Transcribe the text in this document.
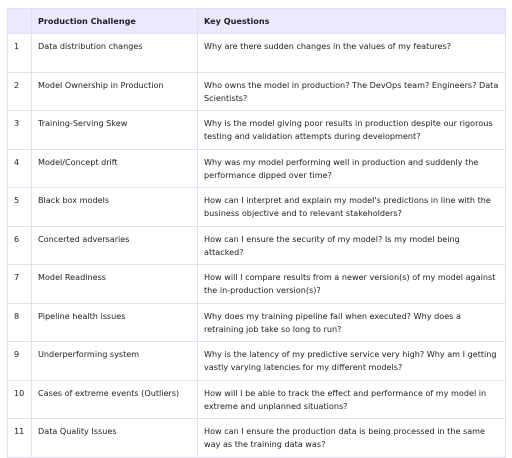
	Production Challenge	Key Questions
1	Data distribution changes	Why are there sudden changes in the values of my features?
2	Model Ownership in Production	Who owns the model in production? The DevOps team? Engineers? Data Scientists?
3	Training-Serving Skew	Why is the model giving poor results in production despite our rigorous testing and validation attempts during development?
4	Model/Concept drift	Why was my model performing well in production and suddenly the performance dipped over time?
5	Black box models	How can I interpret and explain my model's predictions in line with the business objective and to relevant stakeholders?
6	Concerted adversaries	How can I ensure the security of my model? Is my model being attacked?
7	Model Readiness	How will I compare results from a newer version(s) of my model against the in-production version(s)?
8	Pipeline health issues	Why does my training pipeline fail when executed? Why does a retraining job take so long to run?
9	Underperforming system	Why is the latency of my predictive service very high? Why am I getting vastly varying latencies for my different models?
10	Cases of extreme events (Outliers)	How will I be able to track the effect and performance of my model in extreme and unplanned situations?
11	Data Quality Issues	How can I ensure the production data is being processed in the same way as the training data was?
